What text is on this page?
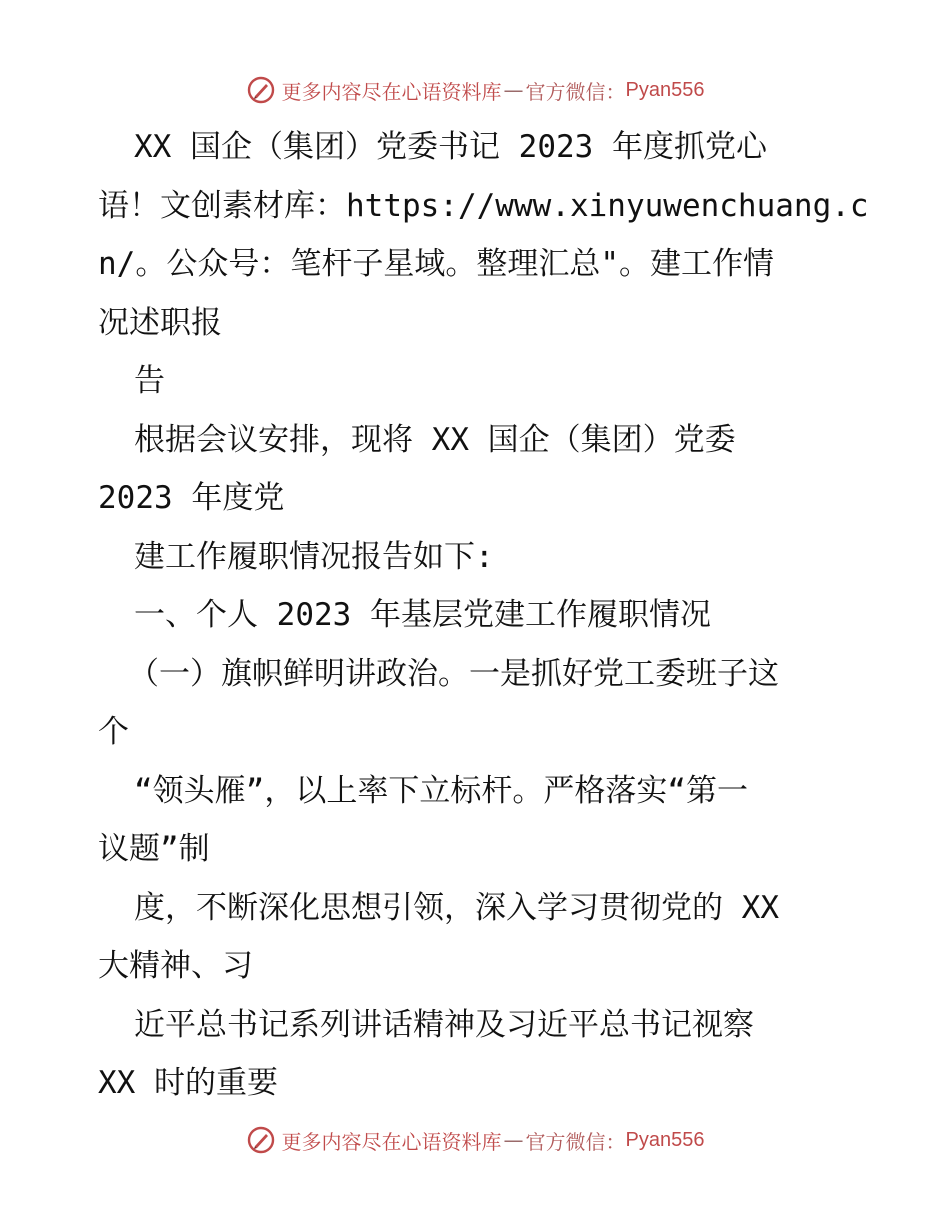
更多内容尽在心语资料库 — 官方微信： Pyan556
XX 国企（集团）党委书记 2023 年度抓党心
语！文创素材库：https://www.xinyuwenchuang.c
n/。公众号：笔杆子星域。整理汇总"。建工作情
况述职报
告
根据会议安排，现将 XX 国企（集团）党委
2023 年度党
建工作履职情况报告如下:
一、个人 2023 年基层党建工作履职情况
（一）旗帜鲜明讲政治。一是抓好党工委班子这
个
“领头雁”，以上率下立标杆。严格落实“第一
议题”制
度，不断深化思想引领，深入学习贯彻党的 XX
大精神、习
近平总书记系列讲话精神及习近平总书记视察
XX 时的重要
更多内容尽在心语资料库 — 官方微信： Pyan556
